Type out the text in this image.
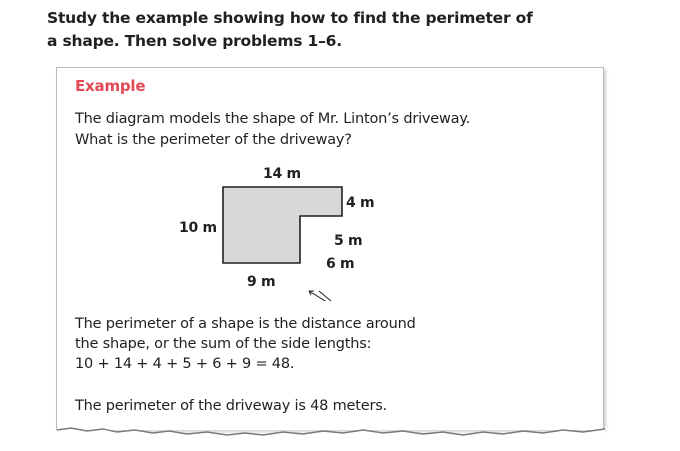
Study the example showing how to find the perimeter of
a shape. Then solve problems 1–6.
Example
The diagram models the shape of Mr. Linton’s driveway.
What is the perimeter of the driveway?
14 m
4 m
10 m
5 m
6 m
9 m
The perimeter of a shape is the distance around
the shape, or the sum of the side lengths:
10 + 14 + 4 + 5 + 6 + 9 = 48.
The perimeter of the driveway is 48 meters.
